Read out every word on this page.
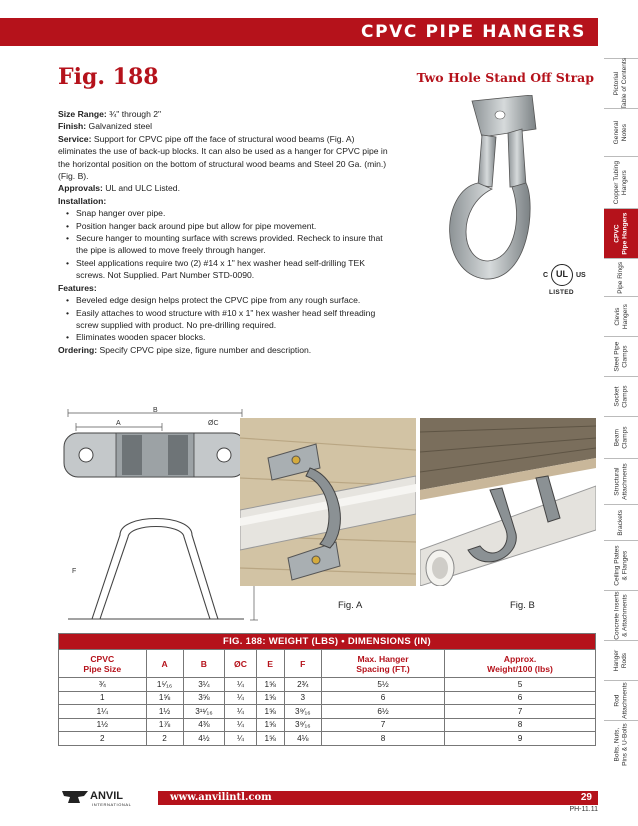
CPVC PIPE HANGERS
Fig. 188	Two Hole Stand Off Strap

Size Range: ¾" through 2"

Finish: Galvanized steel

Service: Support for CPVC pipe off the face of structural wood beams (Fig. A) eliminates the use of back-up blocks. It can also be used as a hanger for CPVC pipe in the horizontal position on the bottom of structural wood beams and Steel 20 Ga. (min.) (Fig. B).

Approvals: UL and ULC Listed.

Installation:

• Snap hanger over pipe.
• Position hanger back around pipe but allow for pipe movement.
• Secure hanger to mounting surface with screws provided. Recheck to insure that the pipe is allowed to move freely through hanger.
• Steel applications require two (2) #14 x 1" hex washer head self-drilling TEK screws. Not Supplied. Part Number STD-0090.

Features:

• Beveled edge design helps protect the CPVC pipe from any rough surface.
• Easily attaches to wood structure with #10 x 1" hex washer head self threading screw supplied with product. No pre-drilling required.
• Eliminates wooden spacer blocks.

Ordering: Specify CPVC pipe size, figure number and description.

C UL	US
LISTED
B
A	ØC
F
Fig. A	Fig. B
FIG. 188: WEIGHT (LBS) • DIMENSIONS (IN)							
CPVC
Pipe Size	A	B	ØC	E	F	Max. Hanger
Spacing (FT.)	Approx.
Weight/100 (lbs)
¾	1⁵⁄₁₆	3¼	¼	1⅝	2¾	5½	5
1	1⅝	3⅝	¼	1⅝	3	6	6
1¼	1½	3¹¹⁄₁₆	¼	1⅝	3⁹⁄₁₆	6½	7
1½	1⅞	4⅜	¼	1⅝	3⁹⁄₁₆	7	8
2	2	4½	¼	1⅝	4⅛	8	9
Pictorial Table of Contents
General Notes
Copper Tubing Hangers
CPVC Pipe Hangers
Pipe Rings
Clevis Hangers
Steel Pipe Clamps
Socket Clamps
Beam Clamps
Structural Attachments
Brackets
Ceiling Plates & Flanges
Concrete Inserts & Attachments
Hanger Rods
Rod Attachments
Bolts, Nuts, Pins & U-Bolts
ANVIL
INTERNATIONAL
www.anvilintl.com	29
PH-11.11
